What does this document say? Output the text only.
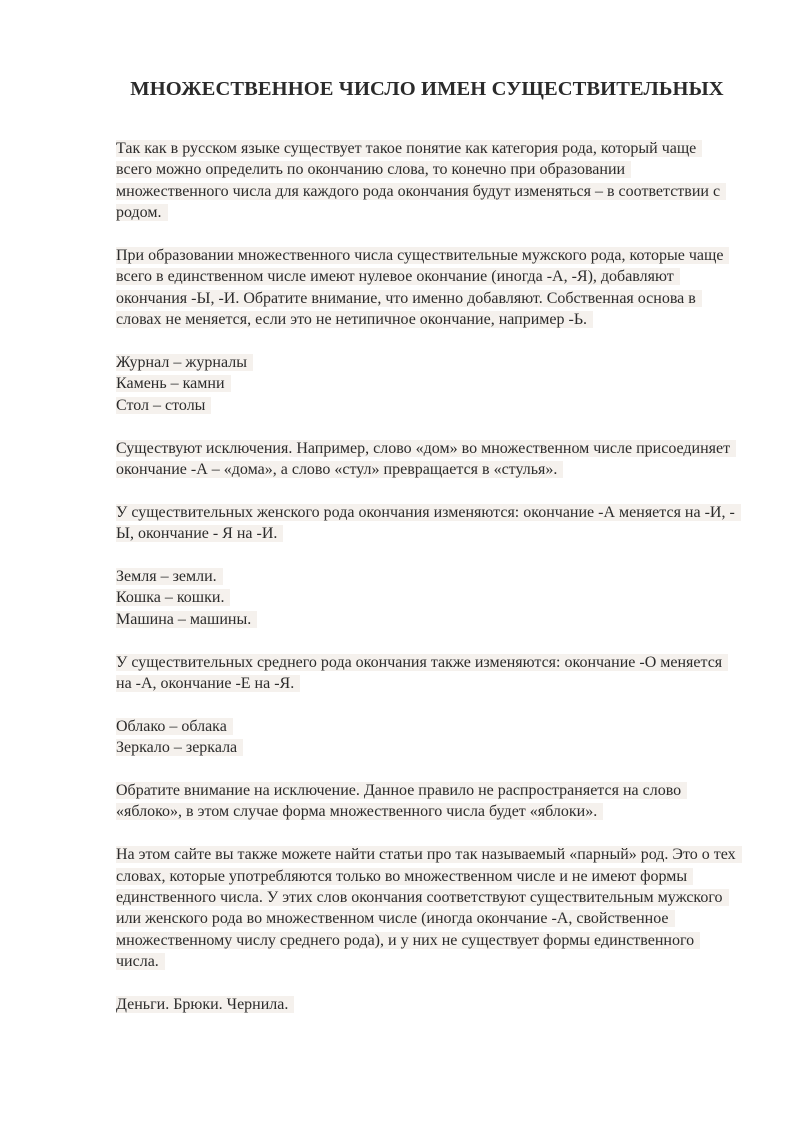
МНОЖЕСТВЕННОЕ ЧИСЛО ИМЕН СУЩЕСТВИТЕЛЬНЫХ

Так как в русском языке существует такое понятие как категория рода, который чаще
всего можно определить по окончанию слова, то конечно при образовании
множественного числа для каждого рода окончания будут изменяться – в соответствии с
родом.

При образовании множественного числа существительные мужского рода, которые чаще
всего в единственном числе имеют нулевое окончание (иногда -А, -Я), добавляют
окончания -Ы, -И. Обратите внимание, что именно добавляют. Собственная основа в
словах не меняется, если это не нетипичное окончание, например -Ь.

Журнал – журналы
Камень – камни
Стол – столы

Существуют исключения. Например, слово «дом» во множественном числе присоединяет
окончание -А – «дома», а слово «стул» превращается в «стулья».

У существительных женского рода окончания изменяются: окончание -А меняется на -И, -
Ы, окончание - Я на -И.

Земля – земли.
Кошка – кошки.
Машина – машины.

У существительных среднего рода окончания также изменяются: окончание -О меняется
на -А, окончание -Е на -Я.

Облако – облака
Зеркало – зеркала

Обратите внимание на исключение. Данное правило не распространяется на слово
«яблоко», в этом случае форма множественного числа будет «яблоки».

На этом сайте вы также можете найти статьи про так называемый «парный» род. Это о тех
словах, которые употребляются только во множественном числе и не имеют формы
единственного числа. У этих слов окончания соответствуют существительным мужского
или женского рода во множественном числе (иногда окончание -А, свойственное
множественному числу среднего рода), и у них не существует формы единственного
числа.

Деньги. Брюки. Чернила.
